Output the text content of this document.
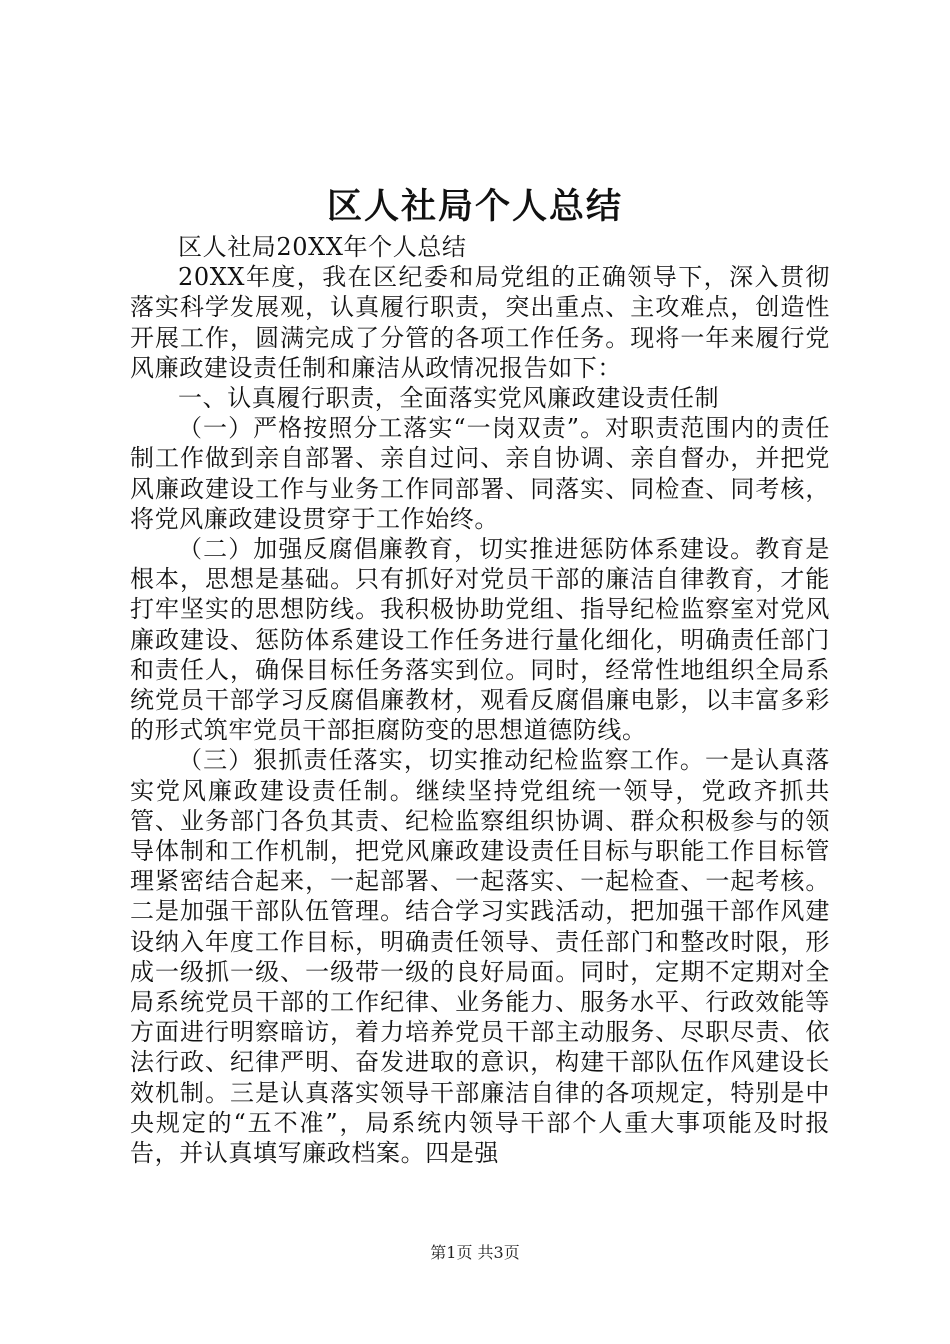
区人社局个人总结

区人社局20XX年个人总结

20XX年度，我在区纪委和局党组的正确领导下，深入贯彻落实科学发展观，认真履行职责，突出重点、主攻难点，创造性开展工作，圆满完成了分管的各项工作任务。现将一年来履行党风廉政建设责任制和廉洁从政情况报告如下：

一、认真履行职责，全面落实党风廉政建设责任制

（一）严格按照分工落实“一岗双责”。对职责范围内的责任制工作做到亲自部署、亲自过问、亲自协调、亲自督办，并把党风廉政建设工作与业务工作同部署、同落实、同检查、同考核，将党风廉政建设贯穿于工作始终。

（二）加强反腐倡廉教育，切实推进惩防体系建设。教育是根本，思想是基础。只有抓好对党员干部的廉洁自律教育，才能打牢坚实的思想防线。我积极协助党组、指导纪检监察室对党风廉政建设、惩防体系建设工作任务进行量化细化，明确责任部门和责任人，确保目标任务落实到位。同时，经常性地组织全局系统党员干部学习反腐倡廉教材，观看反腐倡廉电影，以丰富多彩的形式筑牢党员干部拒腐防变的思想道德防线。

（三）狠抓责任落实，切实推动纪检监察工作。一是认真落实党风廉政建设责任制。继续坚持党组统一领导，党政齐抓共管、业务部门各负其责、纪检监察组织协调、群众积极参与的领导体制和工作机制，把党风廉政建设责任目标与职能工作目标管理紧密结合起来，一起部署、一起落实、一起检查、一起考核。二是加强干部队伍管理。结合学习实践活动，把加强干部作风建设纳入年度工作目标，明确责任领导、责任部门和整改时限，形成一级抓一级、一级带一级的良好局面。同时，定期不定期对全局系统党员干部的工作纪律、业务能力、服务水平、行政效能等方面进行明察暗访，着力培养党员干部主动服务、尽职尽责、依法行政、纪律严明、奋发进取的意识，构建干部队伍作风建设长效机制。三是认真落实领导干部廉洁自律的各项规定，特别是中央规定的“五不准”，局系统内领导干部个人重大事项能及时报告，并认真填写廉政档案。四是强

第1页 共3页
